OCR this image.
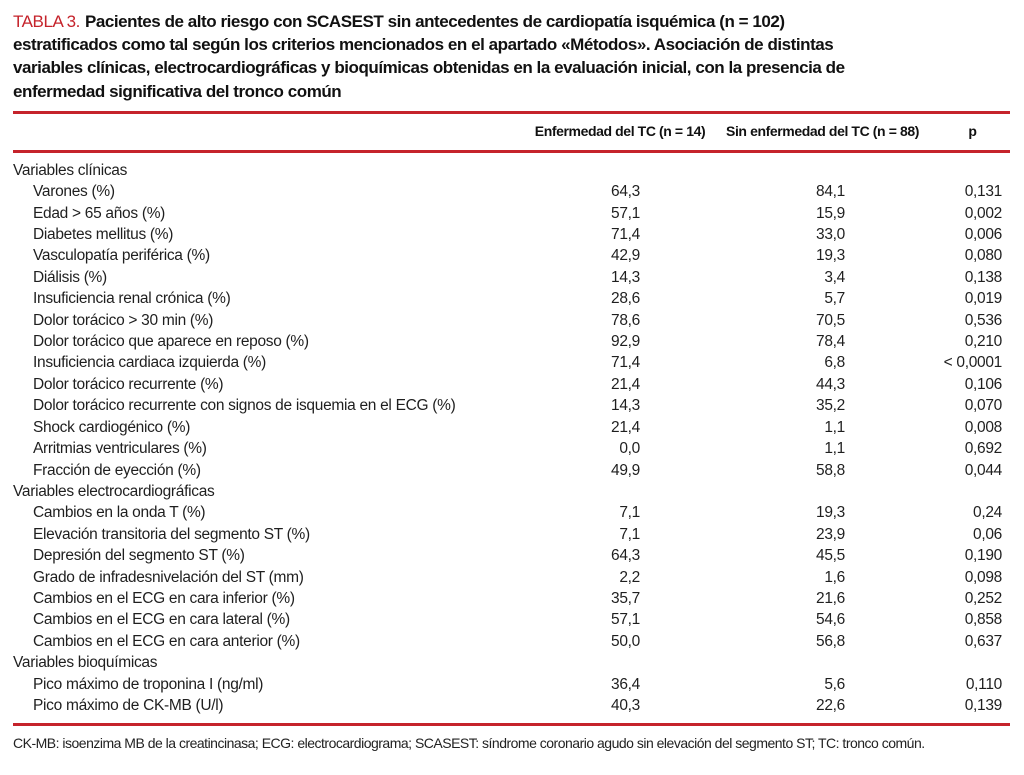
TABLA 3. Pacientes de alto riesgo con SCASEST sin antecedentes de cardiopatía isquémica (n = 102)
estratificados como tal según los criterios mencionados en el apartado «Métodos». Asociación de distintas
variables clínicas, electrocardiográficas y bioquímicas obtenidas en la evaluación inicial, con la presencia de
enfermedad significativa del tronco común
	Enfermedad del TC (n = 14)	Sin enfermedad del TC (n = 88)	p
Variables clínicas			
Varones (%)	64,3	84,1	0,131
Edad > 65 años (%)	57,1	15,9	0,002
Diabetes mellitus (%)	71,4	33,0	0,006
Vasculopatía periférica (%)	42,9	19,3	0,080
Diálisis (%)	14,3	3,4	0,138
Insuficiencia renal crónica (%)	28,6	5,7	0,019
Dolor torácico > 30 min (%)	78,6	70,5	0,536
Dolor torácico que aparece en reposo (%)	92,9	78,4	0,210
Insuficiencia cardiaca izquierda (%)	71,4	6,8	< 0,0001
Dolor torácico recurrente (%)	21,4	44,3	0,106
Dolor torácico recurrente con signos de isquemia en el ECG (%)	14,3	35,2	0,070
Shock cardiogénico (%)	21,4	1,1	0,008
Arritmias ventriculares (%)	0,0	1,1	0,692
Fracción de eyección (%)	49,9	58,8	0,044
Variables electrocardiográficas			
Cambios en la onda T (%)	7,1	19,3	0,24
Elevación transitoria del segmento ST (%)	7,1	23,9	0,06
Depresión del segmento ST (%)	64,3	45,5	0,190
Grado de infradesnivelación del ST (mm)	2,2	1,6	0,098
Cambios en el ECG en cara inferior (%)	35,7	21,6	0,252
Cambios en el ECG en cara lateral (%)	57,1	54,6	0,858
Cambios en el ECG en cara anterior (%)	50,0	56,8	0,637
Variables bioquímicas			
Pico máximo de troponina I (ng/ml)	36,4	5,6	0,110
Pico máximo de CK-MB (U/l)	40,3	22,6	0,139

CK-MB: isoenzima MB de la creatincinasa; ECG: electrocardiograma; SCASEST: síndrome coronario agudo sin elevación del segmento ST; TC: tronco común.
